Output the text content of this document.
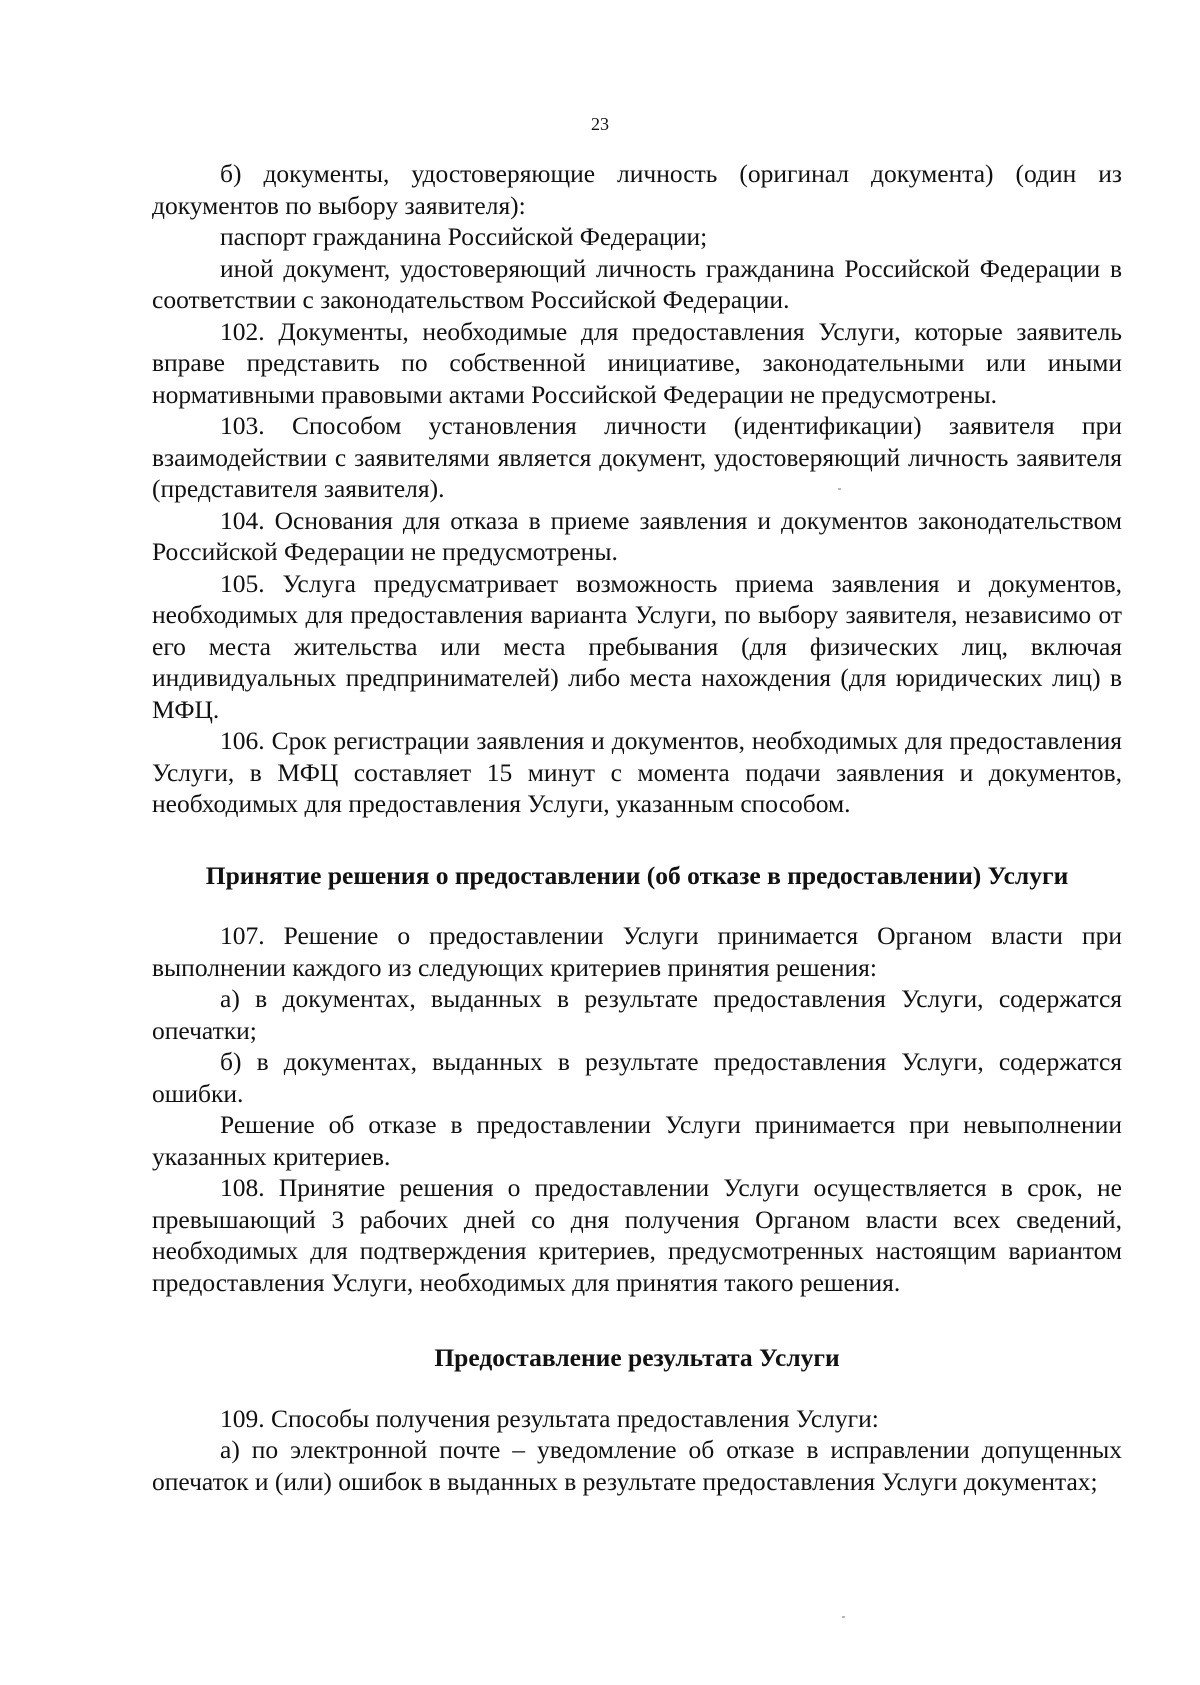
23

б) документы, удостоверяющие личность (оригинал документа) (один из документов по выбору заявителя):

паспорт гражданина Российской Федерации;

иной документ, удостоверяющий личность гражданина Российской Федерации в соответствии с законодательством Российской Федерации.

102. Документы, необходимые для предоставления Услуги, которые заявитель вправе представить по собственной инициативе, законодательными или иными нормативными правовыми актами Российской Федерации не предусмотрены.

103. Способом установления личности (идентификации) заявителя при взаимодействии с заявителями является документ, удостоверяющий личность заявителя (представителя заявителя).

104. Основания для отказа в приеме заявления и документов законодательством Российской Федерации не предусмотрены.

105. Услуга предусматривает возможность приема заявления и документов, необходимых для предоставления варианта Услуги, по выбору заявителя, независимо от его места жительства или места пребывания (для физических лиц, включая индивидуальных предпринимателей) либо места нахождения (для юридических лиц) в МФЦ.

106. Срок регистрации заявления и документов, необходимых для предоставления Услуги, в МФЦ составляет 15 минут с момента подачи заявления и документов, необходимых для предоставления Услуги, указанным способом.

Принятие решения о предоставлении (об отказе в предоставлении) Услуги

107. Решение о предоставлении Услуги принимается Органом власти при выполнении каждого из следующих критериев принятия решения:

а) в документах, выданных в результате предоставления Услуги, содержатся опечатки;

б) в документах, выданных в результате предоставления Услуги, содержатся ошибки.

Решение об отказе в предоставлении Услуги принимается при невыполнении указанных критериев.

108. Принятие решения о предоставлении Услуги осуществляется в срок, не превышающий 3 рабочих дней со дня получения Органом власти всех сведений, необходимых для подтверждения критериев, предусмотренных настоящим вариантом предоставления Услуги, необходимых для принятия такого решения.

Предоставление результата Услуги

109. Способы получения результата предоставления Услуги:

а) по электронной почте – уведомление об отказе в исправлении допущенных опечаток и (или) ошибок в выданных в результате предоставления Услуги документах;
